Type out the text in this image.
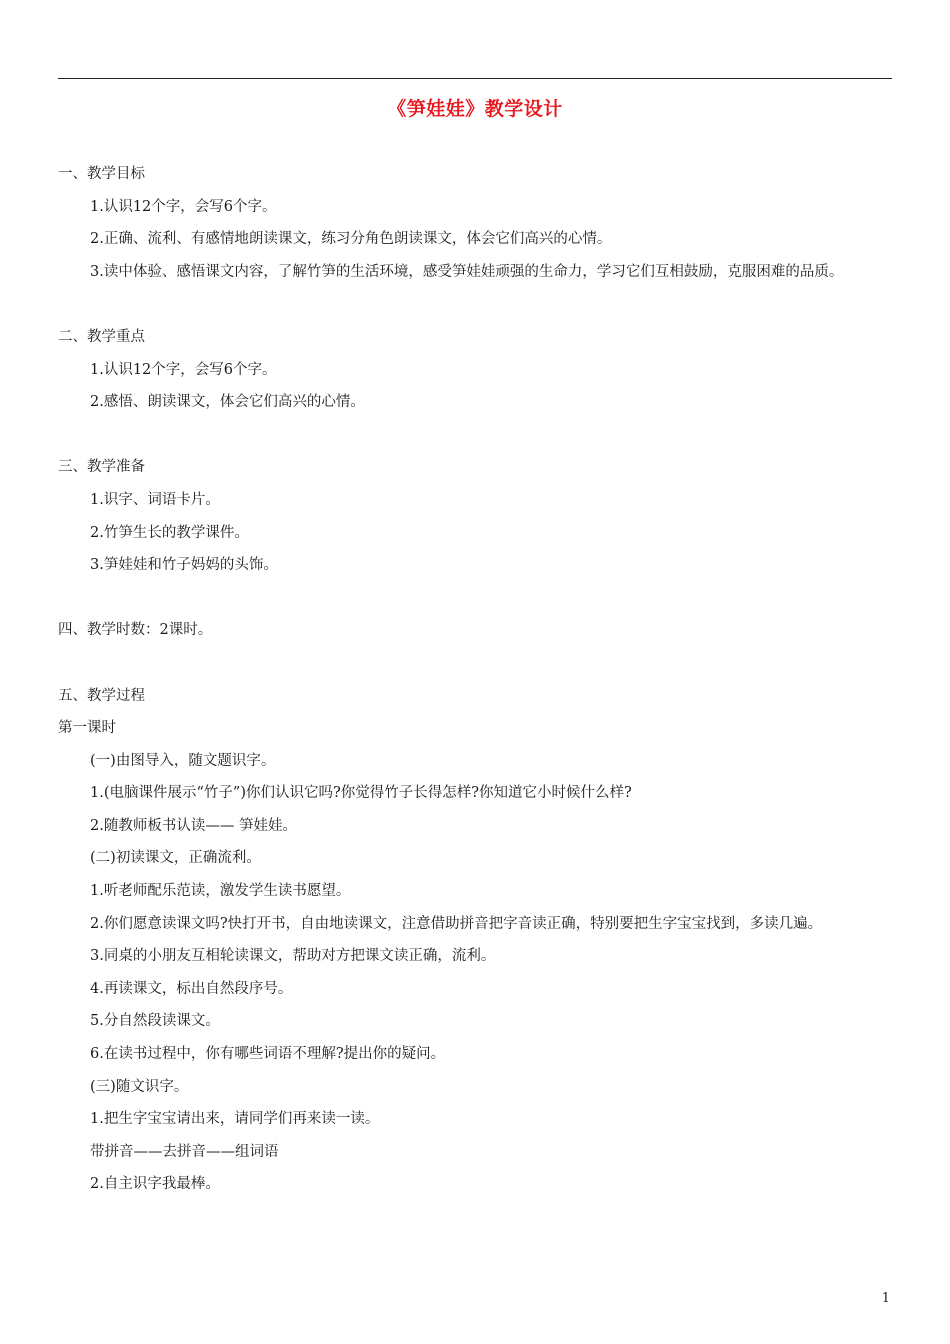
《笋娃娃》教学设计
一、教学目标
1.认识12个字，会写6个字。
2.正确、流利、有感情地朗读课文，练习分角色朗读课文，体会它们高兴的心情。
3.读中体验、感悟课文内容，了解竹笋的生活环境，感受笋娃娃顽强的生命力，学习它们互相鼓励，克服困难的品质。
二、教学重点
1.认识12个字，会写6个字。
2.感悟、朗读课文，体会它们高兴的心情。
三、教学准备
1.识字、词语卡片。
2.竹笋生长的教学课件。
3.笋娃娃和竹子妈妈的头饰。
四、教学时数：2课时。
五、教学过程
第一课时
(一)由图导入，随文题识字。
1.(电脑课件展示“竹子”)你们认识它吗?你觉得竹子长得怎样?你知道它小时候什么样?
2.随教师板书认读—— 笋娃娃。
(二)初读课文，正确流利。
1.听老师配乐范读，激发学生读书愿望。
2.你们愿意读课文吗?快打开书，自由地读课文，注意借助拼音把字音读正确，特别要把生字宝宝找到，多读几遍。
3.同桌的小朋友互相轮读课文，帮助对方把课文读正确，流利。
4.再读课文，标出自然段序号。
5.分自然段读课文。
6.在读书过程中，你有哪些词语不理解?提出你的疑问。
(三)随文识字。
1.把生字宝宝请出来，请同学们再来读一读。
带拼音——去拼音——组词语
2.自主识字我最棒。
1
